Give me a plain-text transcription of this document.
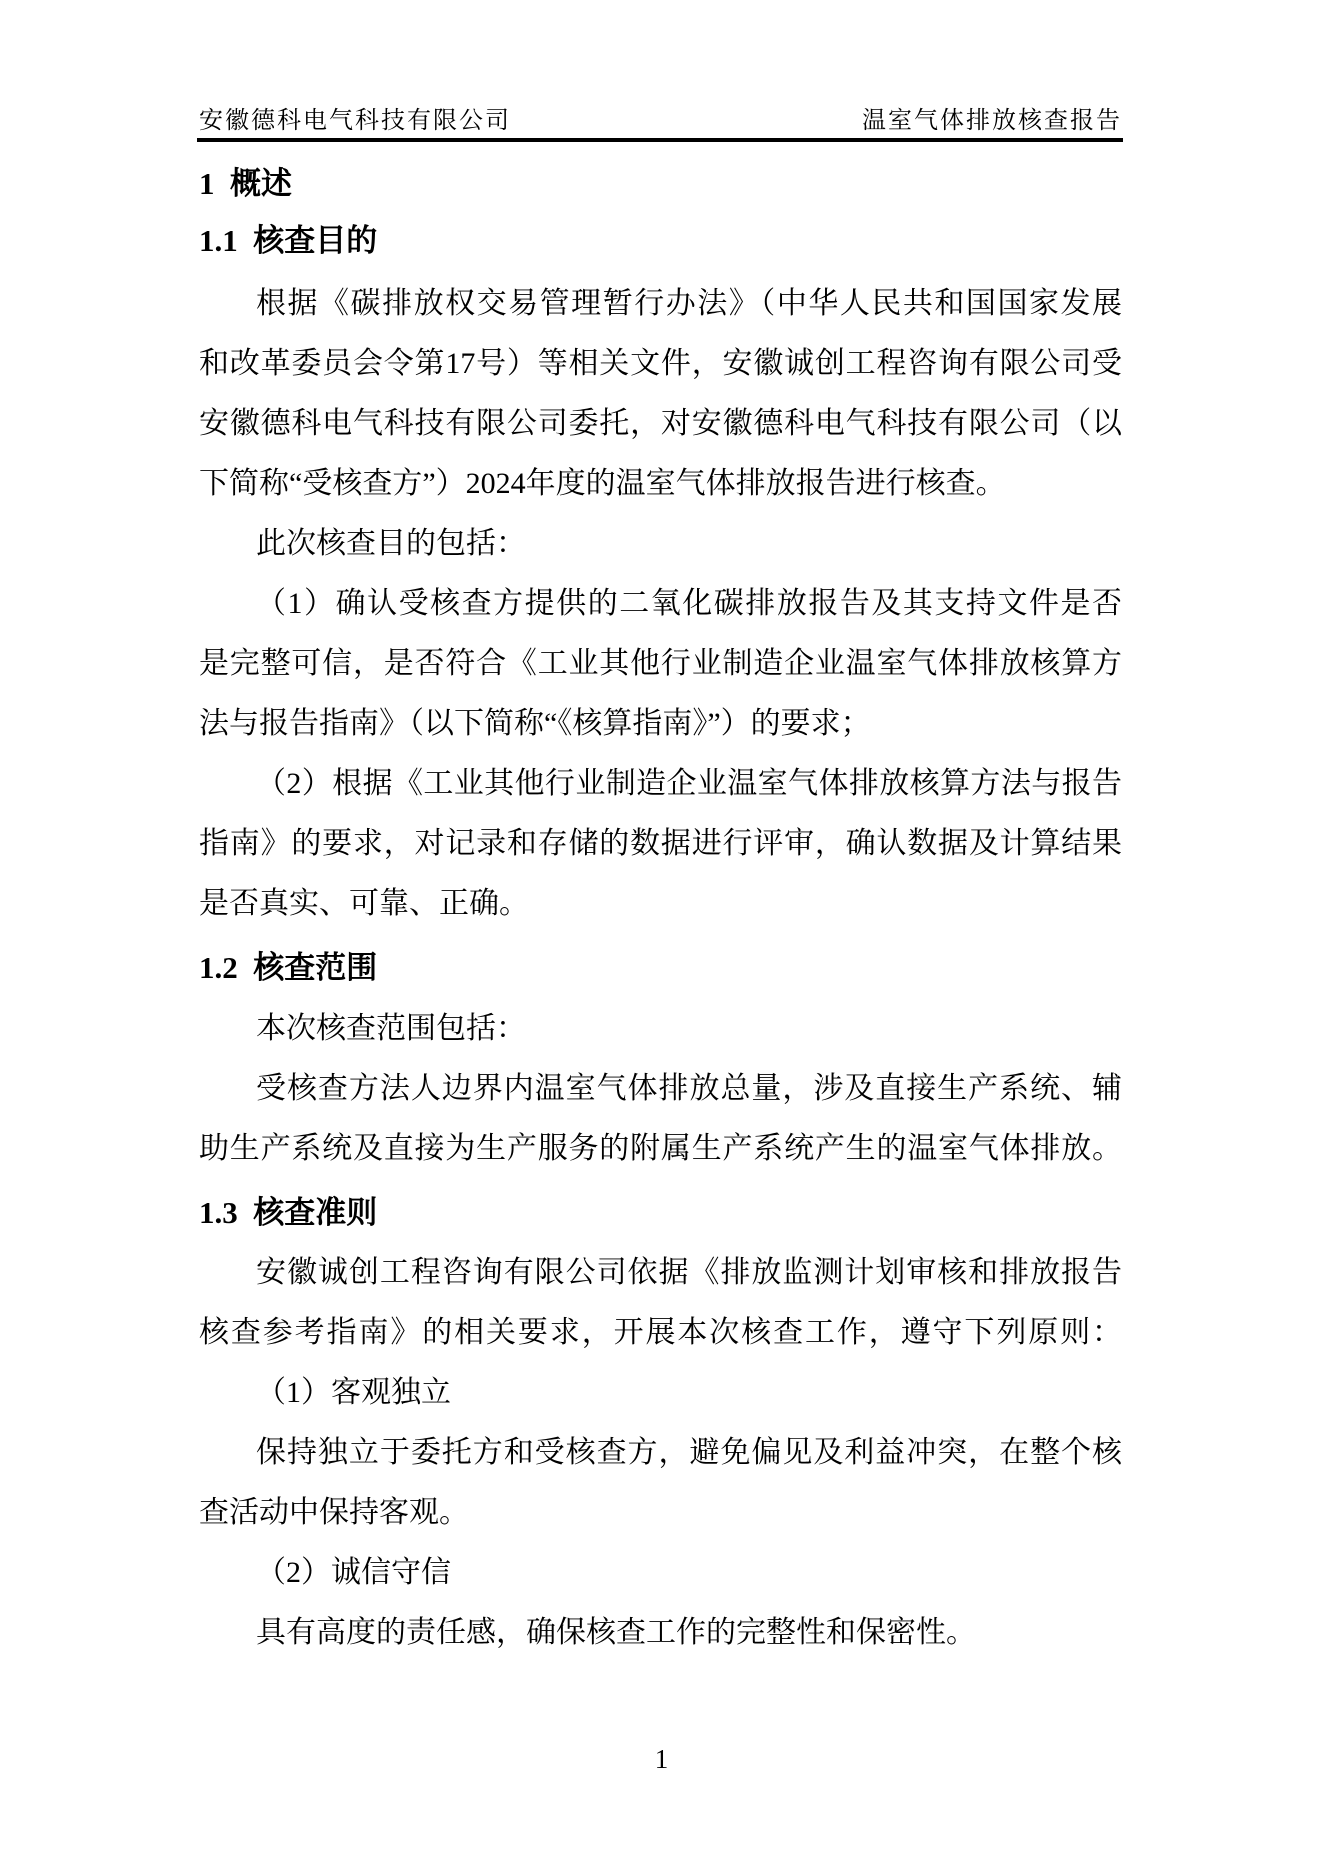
安徽德科电气科技有限公司	温室气体排放核查报告
1  概述
1.1  核查目的
根据《碳排放权交易管理暂行办法》（中华人民共和国国家发展
和改革委员会令第17号）等相关文件，安徽诚创工程咨询有限公司受
安徽德科电气科技有限公司委托，对安徽德科电气科技有限公司（以
下简称“受核查方”）2024年度的温室气体排放报告进行核查。
此次核查目的包括：
（1）确认受核查方提供的二氧化碳排放报告及其支持文件是否
是完整可信，是否符合《工业其他行业制造企业温室气体排放核算方
法与报告指南》（以下简称“《核算指南》”）的要求；
（2）根据《工业其他行业制造企业温室气体排放核算方法与报告
指南》的要求，对记录和存储的数据进行评审，确认数据及计算结果
是否真实、可靠、正确。
1.2  核查范围
本次核查范围包括：
受核查方法人边界内温室气体排放总量，涉及直接生产系统、辅
助生产系统及直接为生产服务的附属生产系统产生的温室气体排放。
1.3  核查准则
安徽诚创工程咨询有限公司依据《排放监测计划审核和排放报告
核查参考指南》的相关要求，开展本次核查工作，遵守下列原则：
（1）客观独立
保持独立于委托方和受核查方，避免偏见及利益冲突，在整个核
查活动中保持客观。
（2）诚信守信
具有高度的责任感，确保核查工作的完整性和保密性。
1
